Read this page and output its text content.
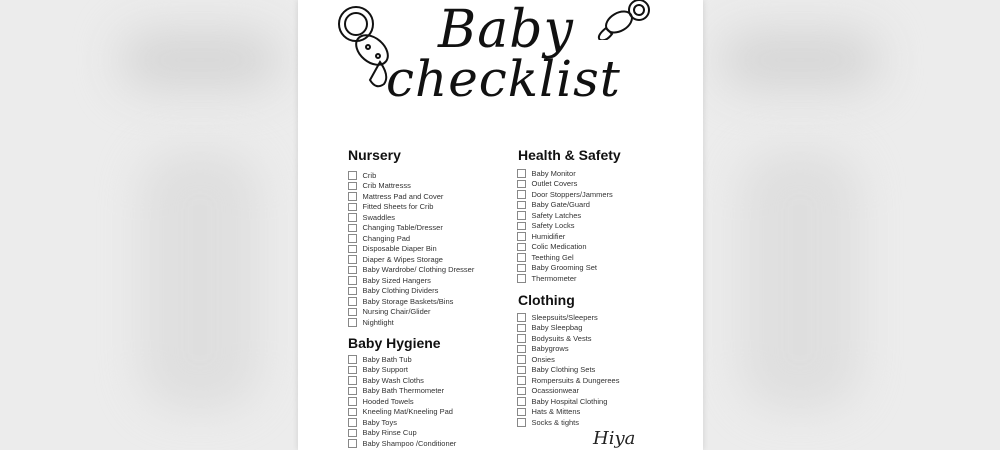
Baby
checklist
Nursery
Crib
Crib Mattresss
Mattress Pad and Cover
Fitted Sheets for Crib
Swaddles
Changing Table/Dresser
Changing Pad
Disposable Diaper Bin
Diaper & Wipes Storage
Baby Wardrobe/ Clothing Dresser
Baby Sized Hangers
Baby Clothing Dividers
Baby Storage Baskets/Bins
Nursing Chair/Glider
Nightlight
Baby Hygiene
Baby Bath Tub
Baby Support
Baby Wash Cloths
Baby Bath Thermometer
Hooded Towels
Kneeling Mat/Kneeling Pad
Baby Toys
Baby Rinse Cup
Baby Shampoo /Conditioner
Health & Safety
Baby Monitor
Outlet Covers
Door Stoppers/Jammers
Baby Gate/Guard
Safety Latches
Safety Locks
Humidifier
Colic Medication
Teething Gel
Baby Grooming Set
Thermometer
Clothing
Sleepsuits/Sleepers
Baby Sleepbag
Bodysuits & Vests
Babygrows
Onsies
Baby Clothing Sets
Rompersuits & Dungerees
Ocassionwear
Baby Hospital Clothing
Hats & Mittens
Socks & tights
Hiya
